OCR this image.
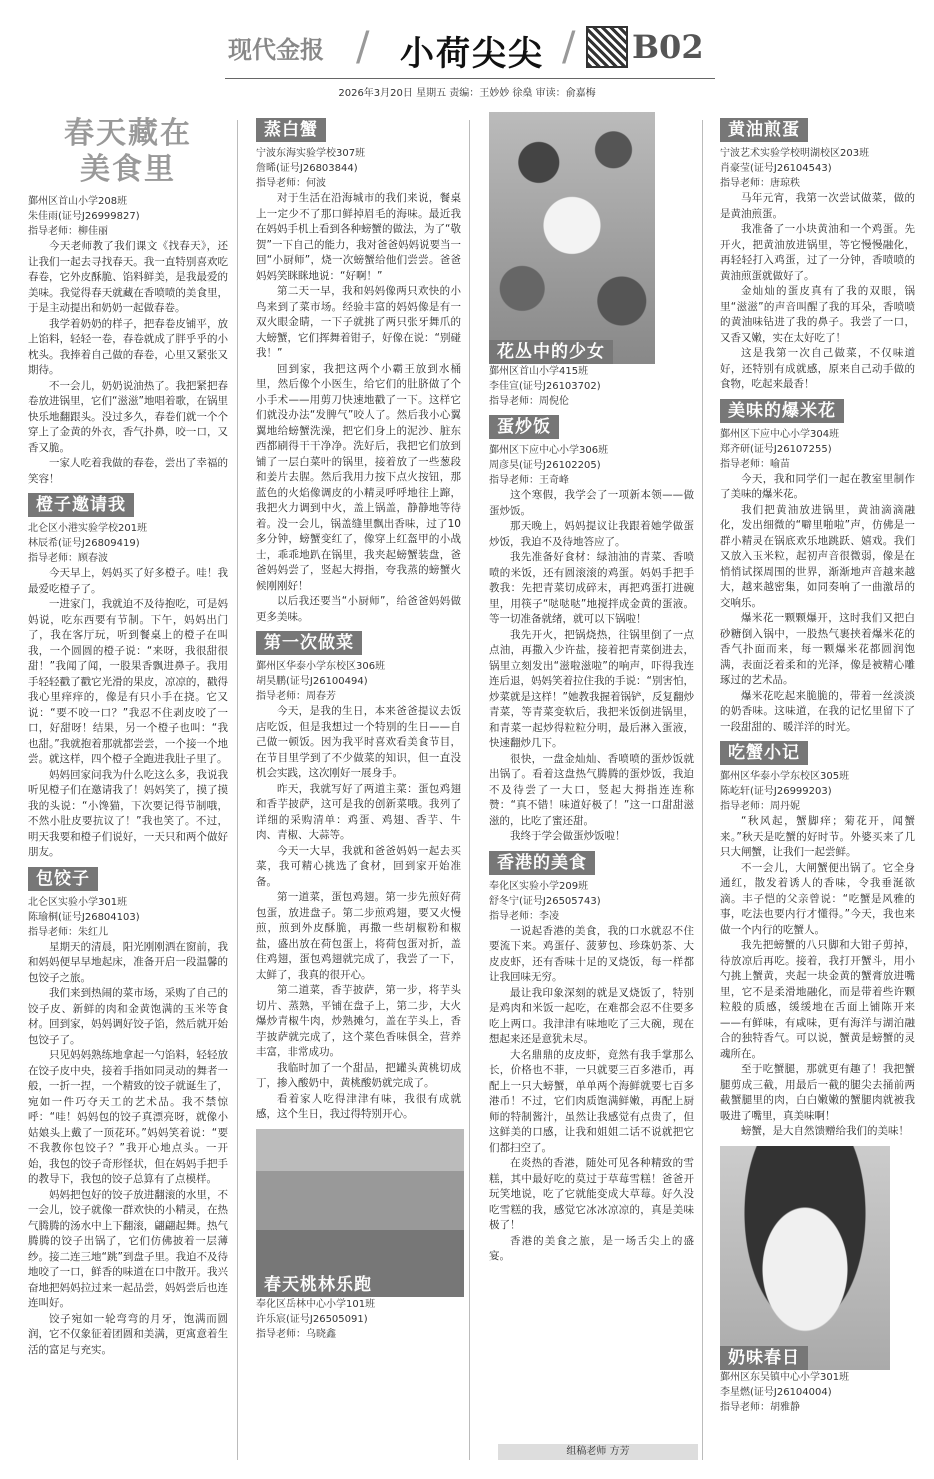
现代金报 / 小荷尖尖 / B02
2026年3月20日 星期五 责编：王妙妙 徐燊 审读：俞嘉梅
春天藏在
美食里
鄞州区首山小学208班
朱佳雨(证号J26999827)
指导老师：柳佳丽

今天老师教了我们课文《找春天》，还让我们一起去寻找春天。我一直特别喜欢吃春卷，它外皮酥脆、馅料鲜美，是我最爱的美味。我觉得春天就藏在香喷喷的美食里，于是主动提出和奶奶一起做春卷。

我学着奶奶的样子，把春卷皮铺平，放上馅料，轻轻一卷，春卷就成了胖乎乎的小枕头。我捧着自己做的春卷，心里又紧张又期待。

不一会儿，奶奶说油热了。我把紧把春卷放进锅里，它们“滋滋”地唱着歌，在锅里快乐地翻跟头。没过多久，春卷们就一个个穿上了金黄的外衣，香气扑鼻，咬一口，又香又脆。

一家人吃着我做的春卷，尝出了幸福的笑容！

橙子邀请我
北仑区小港实验学校201班
林辰希(证号J26809419)
指导老师：顾春波

今天早上，妈妈买了好多橙子。哇！我最爱吃橙子了。

一进家门，我就迫不及待抱吃，可是妈妈说，吃东西要有节制。下午，妈妈出门了，我在客厅玩，听到餐桌上的橙子在叫我，一个圆圆的橙子说：“来呀，我很甜很甜！”我闻了闻，一股果香飘进鼻子。我用手轻轻戳了戳它光滑的果皮，凉凉的，戳得我心里痒痒的，像是有只小手在挠。它又说：“要不咬一口？”我忍不住剥皮咬了一口，好甜呀！结果，另一个橙子也叫：“我也甜。”我就抱着那就都尝尝，一个接一个地尝。就这样，四个橙子全跑进我肚子里了。

妈妈回家问我为什么吃这么多，我说我听见橙子们在邀请我了！妈妈笑了，摸了摸我的头说：“小馋猫，下次要记得节制哦，不然小肚皮要抗议了！”我也笑了。不过，明天我要和橙子们说好，一天只和两个做好朋友。

包饺子
北仑区实验小学301班
陈瑜桐(证号J26804103)
指导老师：朱红儿

星期天的清晨，阳光刚刚洒在窗前，我和妈妈便早早地起床，准备开启一段温馨的包饺子之旅。

我们来到热闹的菜市场，采购了自己的饺子皮、新鲜的肉和金黄饱满的玉米等食材。回到家，妈妈调好饺子馅，然后就开始包饺子了。

只见妈妈熟练地拿起一勺馅料，轻轻放在饺子皮中央，接着手指如同灵动的舞者一般，一折一捏，一个精致的饺子就诞生了，宛如一件巧夺天工的艺术品。我不禁惊呼：“哇！妈妈包的饺子真漂亮呀，就像小姑娘头上戴了一顶花环。”妈妈笑着说：“要不我教你包饺子？”我开心地点头。一开始，我包的饺子奇形怪状，但在妈妈手把手的教导下，我包的饺子总算有了点模样。

妈妈把包好的饺子放进翻滚的水里，不一会儿，饺子就像一群欢快的小精灵，在热气腾腾的汤水中上下翻滚，翩翩起舞。热气腾腾的饺子出锅了，它们仿佛披着一层薄纱。接二连三地“跳”到盘子里。我迫不及待地咬了一口，鲜香的味道在口中散开。我兴奋地把妈妈拉过来一起品尝，妈妈尝后也连连叫好。

饺子宛如一轮弯弯的月牙，饱满而圆润，它不仅象征着团圆和美满，更寓意着生活的富足与充实。

蒸白蟹
宁波东海实验学校307班
詹晞(证号J26803844)
指导老师：何波

对于生活在沿海城市的我们来说，餐桌上一定少不了那口鲜掉眉毛的海味。最近我在妈妈手机上看到各种螃蟹的做法，为了“敬贺”一下自己的能力，我对爸爸妈妈说要当一回“小厨师”，烧一次螃蟹给他们尝尝。爸爸妈妈笑眯眯地说：“好啊！”

第二天一早，我和妈妈像两只欢快的小鸟来到了菜市场。经验丰富的妈妈像是有一双火眼金睛，一下子就挑了两只张牙舞爪的大螃蟹，它们挥舞着钳子，好像在说：“别碰我！”

回到家，我把这两个小霸王放到水桶里，然后像个小医生，给它们的肚脐做了个小手术——用剪刀快速地戳了一下。这样它们就没办法“发脾气”咬人了。然后我小心翼翼地给螃蟹洗澡，把它们身上的泥沙、脏东西都刷得干干净净。洗好后，我把它们放到铺了一层白菜叶的锅里，接着放了一些葱段和姜片去腥。然后我用力按下点火按钮，那蓝色的火焰像调皮的小精灵呼呼地往上蹿，我把火力调到中火，盖上锅盖，静静地等待着。没一会儿，锅盖缝里飘出香味，过了10多分钟，螃蟹变红了，像穿上红盔甲的小战士，乖乖地趴在锅里，我夹起螃蟹装盘，爸爸妈妈尝了，竖起大拇指，夸我蒸的螃蟹火候刚刚好！

以后我还要当“小厨师”，给爸爸妈妈做更多美味。

第一次做菜
鄞州区华泰小学东校区306班
胡昊鹏(证号J26100494)
指导老师：周春芳

今天，是我的生日，本来爸爸提议去饭店吃饭，但是我想过一个特别的生日——自己做一顿饭。因为我平时喜欢看美食节目，在节目里学到了不少做菜的知识，但一直没机会实践，这次刚好一展身手。

昨天，我就写好了两道主菜：蛋包鸡翅和香芋披萨，这可是我的创新菜哦。我列了详细的采购清单：鸡蛋、鸡翅、香芋、牛肉、青椒、大蒜等。

今天一大早，我就和爸爸妈妈一起去买菜，我可精心挑选了食材，回到家开始准备。

第一道菜，蛋包鸡翅。第一步先煎好荷包蛋，放进盘子。第二步煎鸡翅，要又火慢煎，煎到外皮酥脆，再撒一些胡椒粉和椒盐，盛出放在荷包蛋上，将荷包蛋对折，盖住鸡翅，蛋包鸡翅就完成了，我尝了一下，太鲜了，我真的很开心。

第二道菜，香芋披萨，第一步，将芋头切片、蒸熟，平铺在盘子上，第二步，大火爆炒青椒牛肉，炒熟摊匀，盖在芋头上，香芋披萨就完成了，这个菜色香味俱全，营养丰富，非常成功。

我临时加了一个甜品，把罐头黄桃切成丁，掺入酸奶中，黄桃酸奶就完成了。

看着家人吃得津津有味，我很有成就感，这个生日，我过得特别开心。

春天桃林乐跑
奉化区岳林中心小学101班
许乐宸(证号J26505091)
指导老师：乌晓鑫
花丛中的少女
鄞州区首山小学415班
李佳宣(证号J26103702)
指导老师：周倪伦
蛋炒饭
鄞州区下应中心小学306班
周彦昊(证号J26102205)
指导老师：王奇峰

这个寒假，我学会了一项新本领——做蛋炒饭。

那天晚上，妈妈提议让我跟着她学做蛋炒饭，我迫不及待地答应了。

我先准备好食材：绿油油的青菜、香喷喷的米饭，还有圆滚滚的鸡蛋。妈妈手把手教我：先把青菜切成碎末，再把鸡蛋打进碗里，用筷子“哒哒哒”地搅拌成金黄的蛋液。等一切准备就绪，就可以下锅啦！

我先开火，把锅烧热，往锅里倒了一点点油，再撒入少许盐，接着把青菜倒进去，锅里立刻发出“滋啦滋啦”的响声，吓得我连连后退，妈妈笑着拉住我的手说：“别害怕，炒菜就是这样！”她教我握着锅铲，反复翻炒青菜，等青菜变软后，我把米饭倒进锅里，和青菜一起炒得粒粒分明，最后淋入蛋液，快速翻炒几下。

很快，一盘金灿灿、香喷喷的蛋炒饭就出锅了。看着这盘热气腾腾的蛋炒饭，我迫不及待尝了一大口，竖起大拇指连连称赞：“真不错！味道好极了！”这一口甜甜滋滋的，比吃了蜜还甜。

我终于学会做蛋炒饭啦！

香港的美食
奉化区实验小学209班
舒冬宁(证号J26505743)
指导老师：李凌

一说起香港的美食，我的口水就忍不住要流下来。鸡蛋仔、菠萝包、珍珠奶茶、大皮皮虾，还有香味十足的叉烧饭，每一样都让我回味无穷。

最让我印象深刻的就是叉烧饭了，特别是鸡肉和米饭一起吃，在难都会忍不住要多吃上两口。我津津有味地吃了三大碗，现在想起来还是意犹未尽。

大名鼎鼎的皮皮虾，竟然有我手掌那么长，价格也不菲，一只就要三百多港币，再配上一只大螃蟹，单单两个海鲜就要七百多港币！不过，它们肉质饱满鲜嫩，再配上厨师的特制酱汁，虽然让我感觉有点贵了，但这鲜美的口感，让我和姐姐二话不说就把它们都扫空了。

在炎热的香港，随处可见各种精致的雪糕，其中最好吃的莫过于草莓雪糕！爸爸开玩笑地说，吃了它就能变成大草莓。好久没吃雪糕的我，感觉它冰冰凉凉的，真是美味极了！

香港的美食之旅，是一场舌尖上的盛宴。

黄油煎蛋
宁波艺术实验学校明湖校区203班
肖豪莹(证号J26104543)
指导老师：唐琼秩

马年元宵，我第一次尝试做菜，做的是黄油煎蛋。

我准备了一小块黄油和一个鸡蛋。先开火，把黄油放进锅里，等它慢慢融化，再轻轻打入鸡蛋，过了一分钟，香喷喷的黄油煎蛋就做好了。

金灿灿的蛋皮真有了我的双眼，锅里“滋滋”的声音叫醒了我的耳朵，香喷喷的黄油味钻进了我的鼻子。我尝了一口，又香又嫩，实在太好吃了！

这是我第一次自己做菜，不仅味道好，还特别有成就感，原来自己动手做的食物，吃起来最香！

美味的爆米花
鄞州区下应中心小学304班
郑齐研(证号J26107255)
指导老师：喻苗

今天，我和同学们一起在教室里制作了美味的爆米花。

我们把黄油放进锅里，黄油滴滴融化，发出细微的“噼里啪啦”声，仿佛是一群小精灵在锅底欢乐地跳跃、嬉戏。我们又放入玉米粒，起初声音很微弱，像是在悄悄试探周围的世界，渐渐地声音越来越大，越来越密集，如同奏响了一曲激昂的交响乐。

爆米花一颗颗爆开，这时我们又把白砂糖倒入锅中，一股热气裹挟着爆米花的香气扑面而来，每一颗爆米花都圆润饱满，表面泛着柔和的光泽，像是被精心雕琢过的艺术品。

爆米花吃起来脆脆的，带着一丝淡淡的奶香味。这味道，在我的记忆里留下了一段甜甜的、暖洋洋的时光。

吃蟹小记
鄞州区华泰小学东校区305班
陈屹轩(证号J26999203)
指导老师：周丹妮

“秋风起，蟹脚痒；菊花开，闻蟹来。”秋天是吃蟹的好时节。外婆买来了几只大闸蟹，让我们一起尝鲜。

不一会儿，大闸蟹便出锅了。它全身通红，散发着诱人的香味，令我垂涎欲滴。丰子恺的父亲曾说：“吃蟹是风雅的事，吃法也要内行才懂得。”今天，我也来做一个内行的吃蟹人。

我先把螃蟹的八只脚和大钳子剪掉，待放凉后再吃。接着，我打开蟹斗，用小勺挑上蟹黄，夹起一块金黄的蟹膏放进嘴里，它不是柔滑地融化，而是带着些许颗粒般的质感，缓缓地在舌面上铺陈开来——有鲜味，有咸味，更有海洋与湖泊融合的独特香气。可以说，蟹黄是螃蟹的灵魂所在。

至于吃蟹腿，那就更有趣了！我把蟹腿剪成三截，用最后一截的腿尖去捅前两截蟹腿里的肉，白白嫩嫩的蟹腿肉就被我吸进了嘴里，真美味啊！

螃蟹，是大自然馈赠给我们的美味！

奶味春日
鄞州区东吴镇中心小学301班
李星燃(证号J26104004)
指导老师：胡雅静
组稿老师 方芳
